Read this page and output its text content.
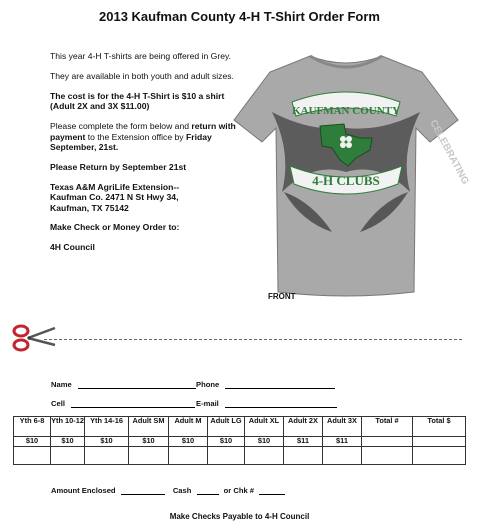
2013 Kaufman County 4-H T-Shirt Order Form

This year 4-H T-shirts are being offered in Grey.

They are available in both youth and adult sizes.

The cost is for the 4-H T-Shirt is $10 a shirt (Adult 2X and 3X $11.00)

Please complete the form below and return with payment to the Extension office by Friday September, 21st.

Please Return by September 21st

Texas A&M AgriLife Extension--
Kaufman Co. 2471 N St Hwy 34,
Kaufman, TX 75142

Make Check or Money Order to:

4H Council

KAUFMAN COUNTY
4-H CLUBS	CELEBRATING
FRONT
Name	Phone
Cell	E-mail
Yth 6-8	Yth 10-12	Yth 14-16	Adult SM	Adult M	Adult LG	Adult XL	Adult 2X	Adult 3X	Total #	Total $
$10	$10	$10	$10	$10	$10	$10	$11	$11		

Amount Enclosed	Cash	or Chk #
Make Checks Payable to 4-H Council
